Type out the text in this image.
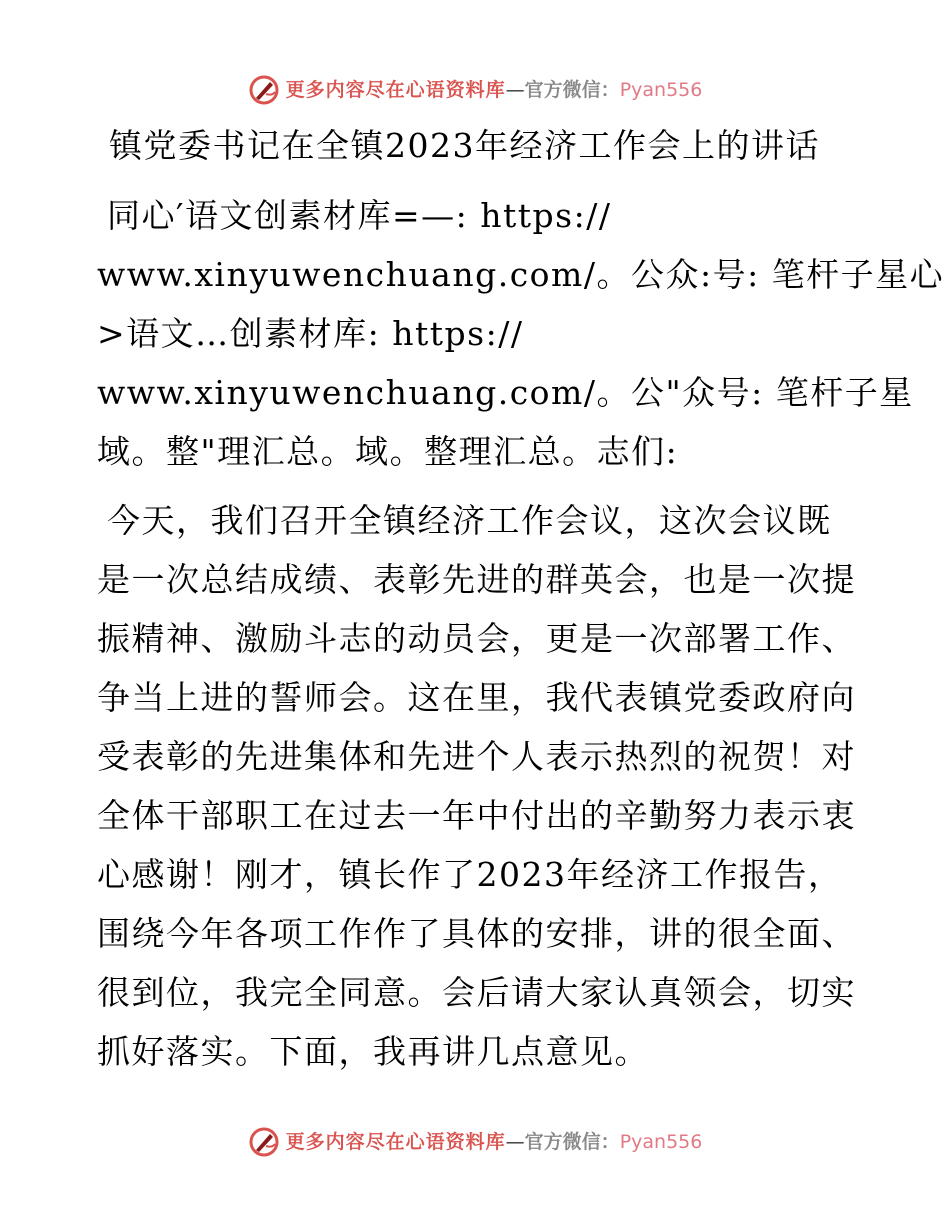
更多内容尽在心语资料库 — 官方微信： Pyan556
镇党委书记在全镇2023年经济工作会上的讲话

同心′语文创素材库=—: https://

www.xinyuwenchuang.com/。公众:号: 笔杆子星心

>语文…创素材库: https://

www.xinyuwenchuang.com/。公"众号: 笔杆子星

域。整"理汇总。域。整理汇总。志们:

今天，我们召开全镇经济工作会议，这次会议既

是一次总结成绩、表彰先进的群英会，也是一次提

振精神、激励斗志的动员会，更是一次部署工作、

争当上进的誓师会。这在里，我代表镇党委政府向

受表彰的先进集体和先进个人表示热烈的祝贺！对

全体干部职工在过去一年中付出的辛勤努力表示衷

心感谢！刚才，镇长作了2023年经济工作报告，

围绕今年各项工作作了具体的安排，讲的很全面、

很到位，我完全同意。会后请大家认真领会，切实

抓好落实。下面，我再讲几点意见。

更多内容尽在心语资料库 — 官方微信： Pyan556
